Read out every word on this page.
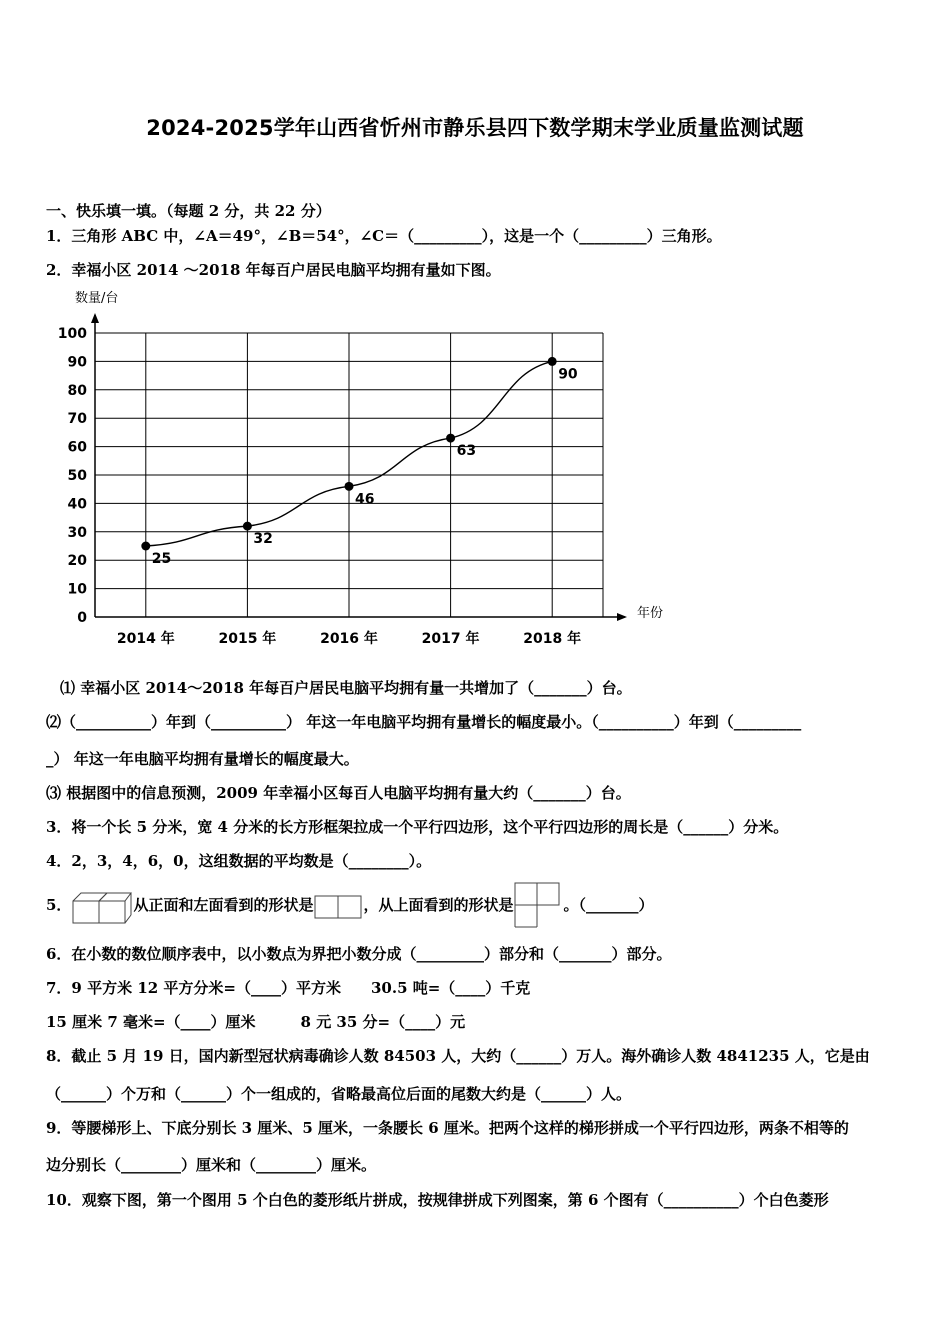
2024-2025学年山西省忻州市静乐县四下数学期末学业质量监测试题
一、快乐填一填。（每题 2 分，共 22 分）
1．三角形 ABC 中，∠A＝49°，∠B＝54°，∠C＝（_________），这是一个（_________）三角形。
2．幸福小区 2014 ～2018 年每百户居民电脑平均拥有量如下图。
0
10
20
30
40
50
60
70
80
90
100
2014 年	2015 年	2016 年	2017 年	2018 年
25
32
46
63
90
数量/台
年份
⑴ 幸福小区 2014～2018 年每百户居民电脑平均拥有量一共增加了（_______）台。
⑵（__________）年到（__________） 年这一年电脑平均拥有量增长的幅度最小。（__________）年到（_________
_） 年这一年电脑平均拥有量增长的幅度最大。
⑶ 根据图中的信息预测，2009 年幸福小区每百人电脑平均拥有量大约（_______）台。
3．将一个长 5 分米，宽 4 分米的长方形框架拉成一个平行四边形，这个平行四边形的周长是（______）分米。
4．2，3，4，6，0，这组数据的平均数是（________）。
5．	从正面和左面看到的形状是	，从上面看到的形状是	。（_______）
6．在小数的数位顺序表中，以小数点为界把小数分成（_________）部分和（_______）部分。
7．9 平方米 12 平方分米=（____）平方米　　30.5 吨=（____）千克
15 厘米 7 毫米=（____）厘米　　　8 元 35 分=（____）元
8．截止 5 月 19 日，国内新型冠状病毒确诊人数 84503 人，大约（______）万人。海外确诊人数 4841235 人，它是由
（______）个万和（______）个一组成的，省略最高位后面的尾数大约是（______）人。
9．等腰梯形上、下底分别长 3 厘米、5 厘米，一条腰长 6 厘米。把两个这样的梯形拼成一个平行四边形，两条不相等的
边分别长（________）厘米和（________）厘米。
10．观察下图，第一个图用 5 个白色的菱形纸片拼成，按规律拼成下列图案，第 6 个图有（__________）个白色菱形
